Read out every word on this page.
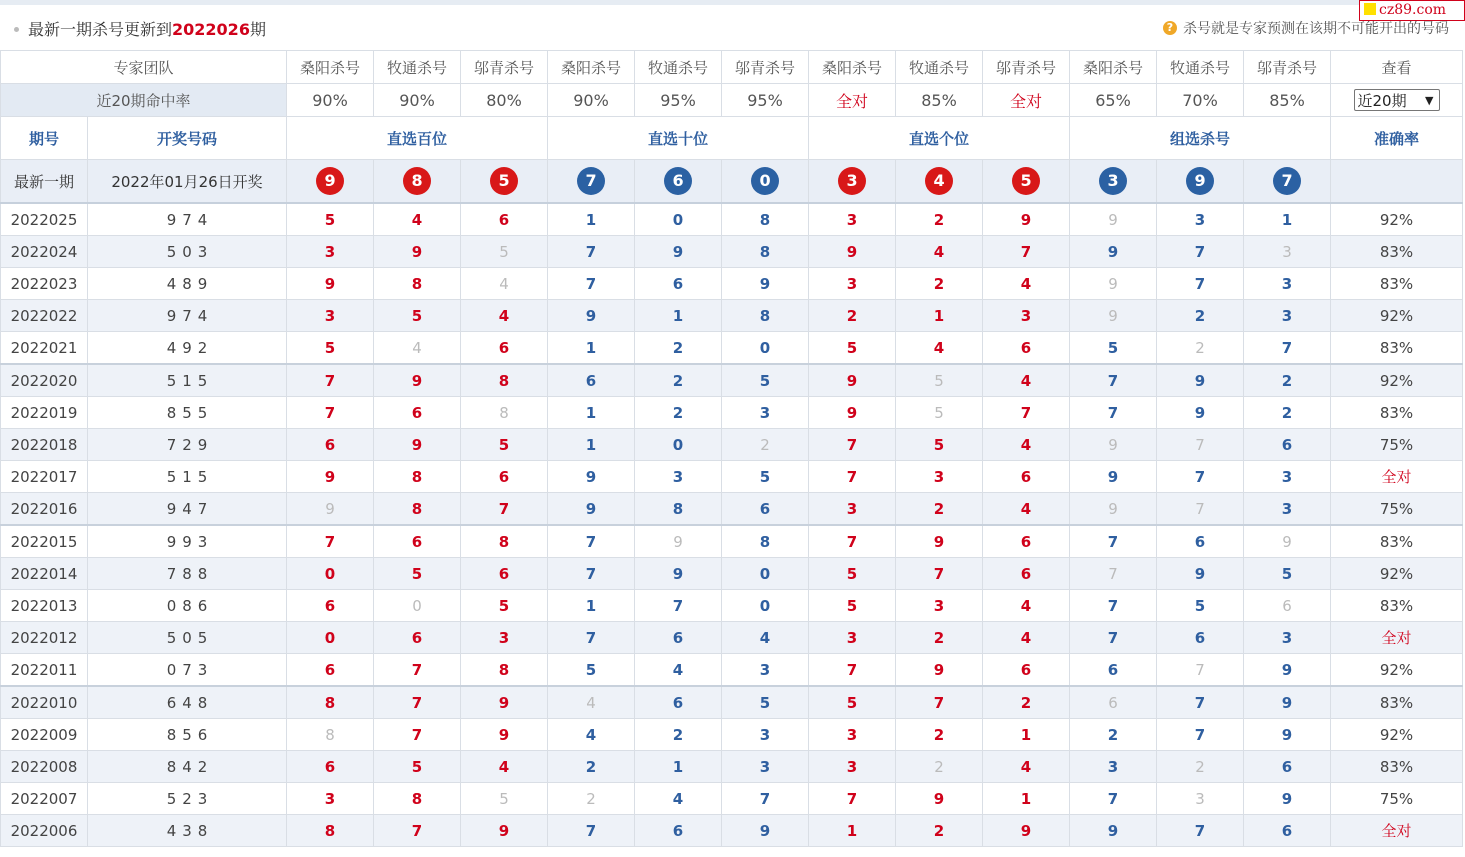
最新一期杀号更新到2022026期	? 杀号就是专家预测在该期不可能开出的号码
cz89.com
专家团队		桑阳杀号	牧通杀号	邬青杀号	桑阳杀号	牧通杀号	邬青杀号	桑阳杀号	牧通杀号	邬青杀号	桑阳杀号	牧通杀号	邬青杀号	查看
近20期命中率		90%	90%	80%	90%	95%	95%	全对	85%	全对	65%	70%	85%	近20期 ▼

期号	开奖号码	直选百位			直选十位			直选个位			组选杀号			准确率
最新一期	2022年01月26日开奖	9	8	5	7	6	0	3	4	5	3	9	7	
2022025	974	5	4	6	1	0	8	3	2	9	9	3	1	92%
2022024	503	3	9	5	7	9	8	9	4	7	9	7	3	83%
2022023	489	9	8	4	7	6	9	3	2	4	9	7	3	83%
2022022	974	3	5	4	9	1	8	2	1	3	9	2	3	92%
2022021	492	5	4	6	1	2	0	5	4	6	5	2	7	83%
2022020	515	7	9	8	6	2	5	9	5	4	7	9	2	92%
2022019	855	7	6	8	1	2	3	9	5	7	7	9	2	83%
2022018	729	6	9	5	1	0	2	7	5	4	9	7	6	75%
2022017	515	9	8	6	9	3	5	7	3	6	9	7	3	全对
2022016	947	9	8	7	9	8	6	3	2	4	9	7	3	75%
2022015	993	7	6	8	7	9	8	7	9	6	7	6	9	83%
2022014	788	0	5	6	7	9	0	5	7	6	7	9	5	92%
2022013	086	6	0	5	1	7	0	5	3	4	7	5	6	83%
2022012	505	0	6	3	7	6	4	3	2	4	7	6	3	全对
2022011	073	6	7	8	5	4	3	7	9	6	6	7	9	92%
2022010	648	8	7	9	4	6	5	5	7	2	6	7	9	83%
2022009	856	8	7	9	4	2	3	3	2	1	2	7	9	92%
2022008	842	6	5	4	2	1	3	3	2	4	3	2	6	83%
2022007	523	3	8	5	2	4	7	7	9	1	7	3	9	75%
2022006	438	8	7	9	7	6	9	1	2	9	9	7	6	全对
